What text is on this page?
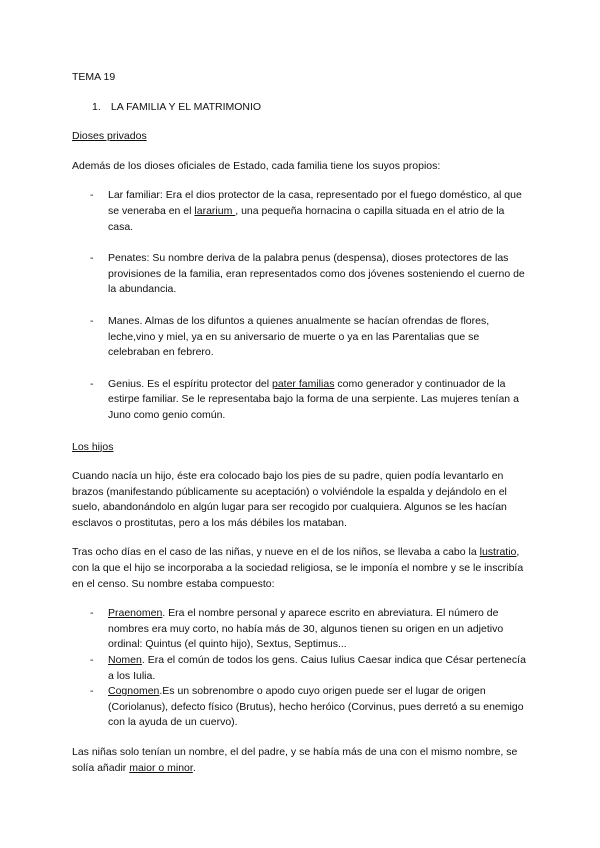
TEMA 19
1. LA FAMILIA Y EL MATRIMONIO
Dioses privados

Además de los dioses oficiales de Estado, cada familia tiene los suyos propios:

- Lar familiar: Era el dios protector de la casa, representado por el fuego doméstico, al que se veneraba en el lararium , una pequeña hornacina o capilla situada en el atrio de la casa.
- Penates: Su nombre deriva de la palabra penus (despensa), dioses protectores de las provisiones de la familia, eran representados como dos jóvenes sosteniendo el cuerno de la abundancia.
- Manes. Almas de los difuntos a quienes anualmente se hacían ofrendas de flores, leche,vino y miel, ya en su aniversario de muerte o ya en las Parentalias que se celebraban en febrero.
- Genius. Es el espíritu protector del pater familias como generador y continuador de la estirpe familiar. Se le representaba bajo la forma de una serpiente. Las mujeres tenían a Juno como genio común.
Los hijos

Cuando nacía un hijo, éste era colocado bajo los pies de su padre, quien podía levantarlo en brazos (manifestando públicamente su aceptación) o volviéndole la espalda y dejándolo en el suelo, abandonándolo en algún lugar para ser recogido por cualquiera. Algunos se les hacían esclavos o prostitutas, pero a los más débiles los mataban.

Tras ocho días en el caso de las niñas, y nueve en el de los niños, se llevaba a cabo la lustratio, con la que el hijo se incorporaba a la sociedad religiosa, se le imponía el nombre y se le inscribía en el censo. Su nombre estaba compuesto:

- Praenomen. Era el nombre personal y aparece escrito en abreviatura. El número de nombres era muy corto, no había más de 30, algunos tienen su origen en un adjetivo ordinal: Quintus (el quinto hijo), Sextus, Septimus...
- Nomen. Era el común de todos los gens. Caius Iulius Caesar indica que César pertenecía a los Iulia.
- Cognomen.Es un sobrenombre o apodo cuyo origen puede ser el lugar de origen (Coriolanus), defecto físico (Brutus), hecho heróico (Corvinus, pues derretó a su enemigo con la ayuda de un cuervo).

Las niñas solo tenían un nombre, el del padre, y se había más de una con el mismo nombre, se solía añadir maior o minor.
